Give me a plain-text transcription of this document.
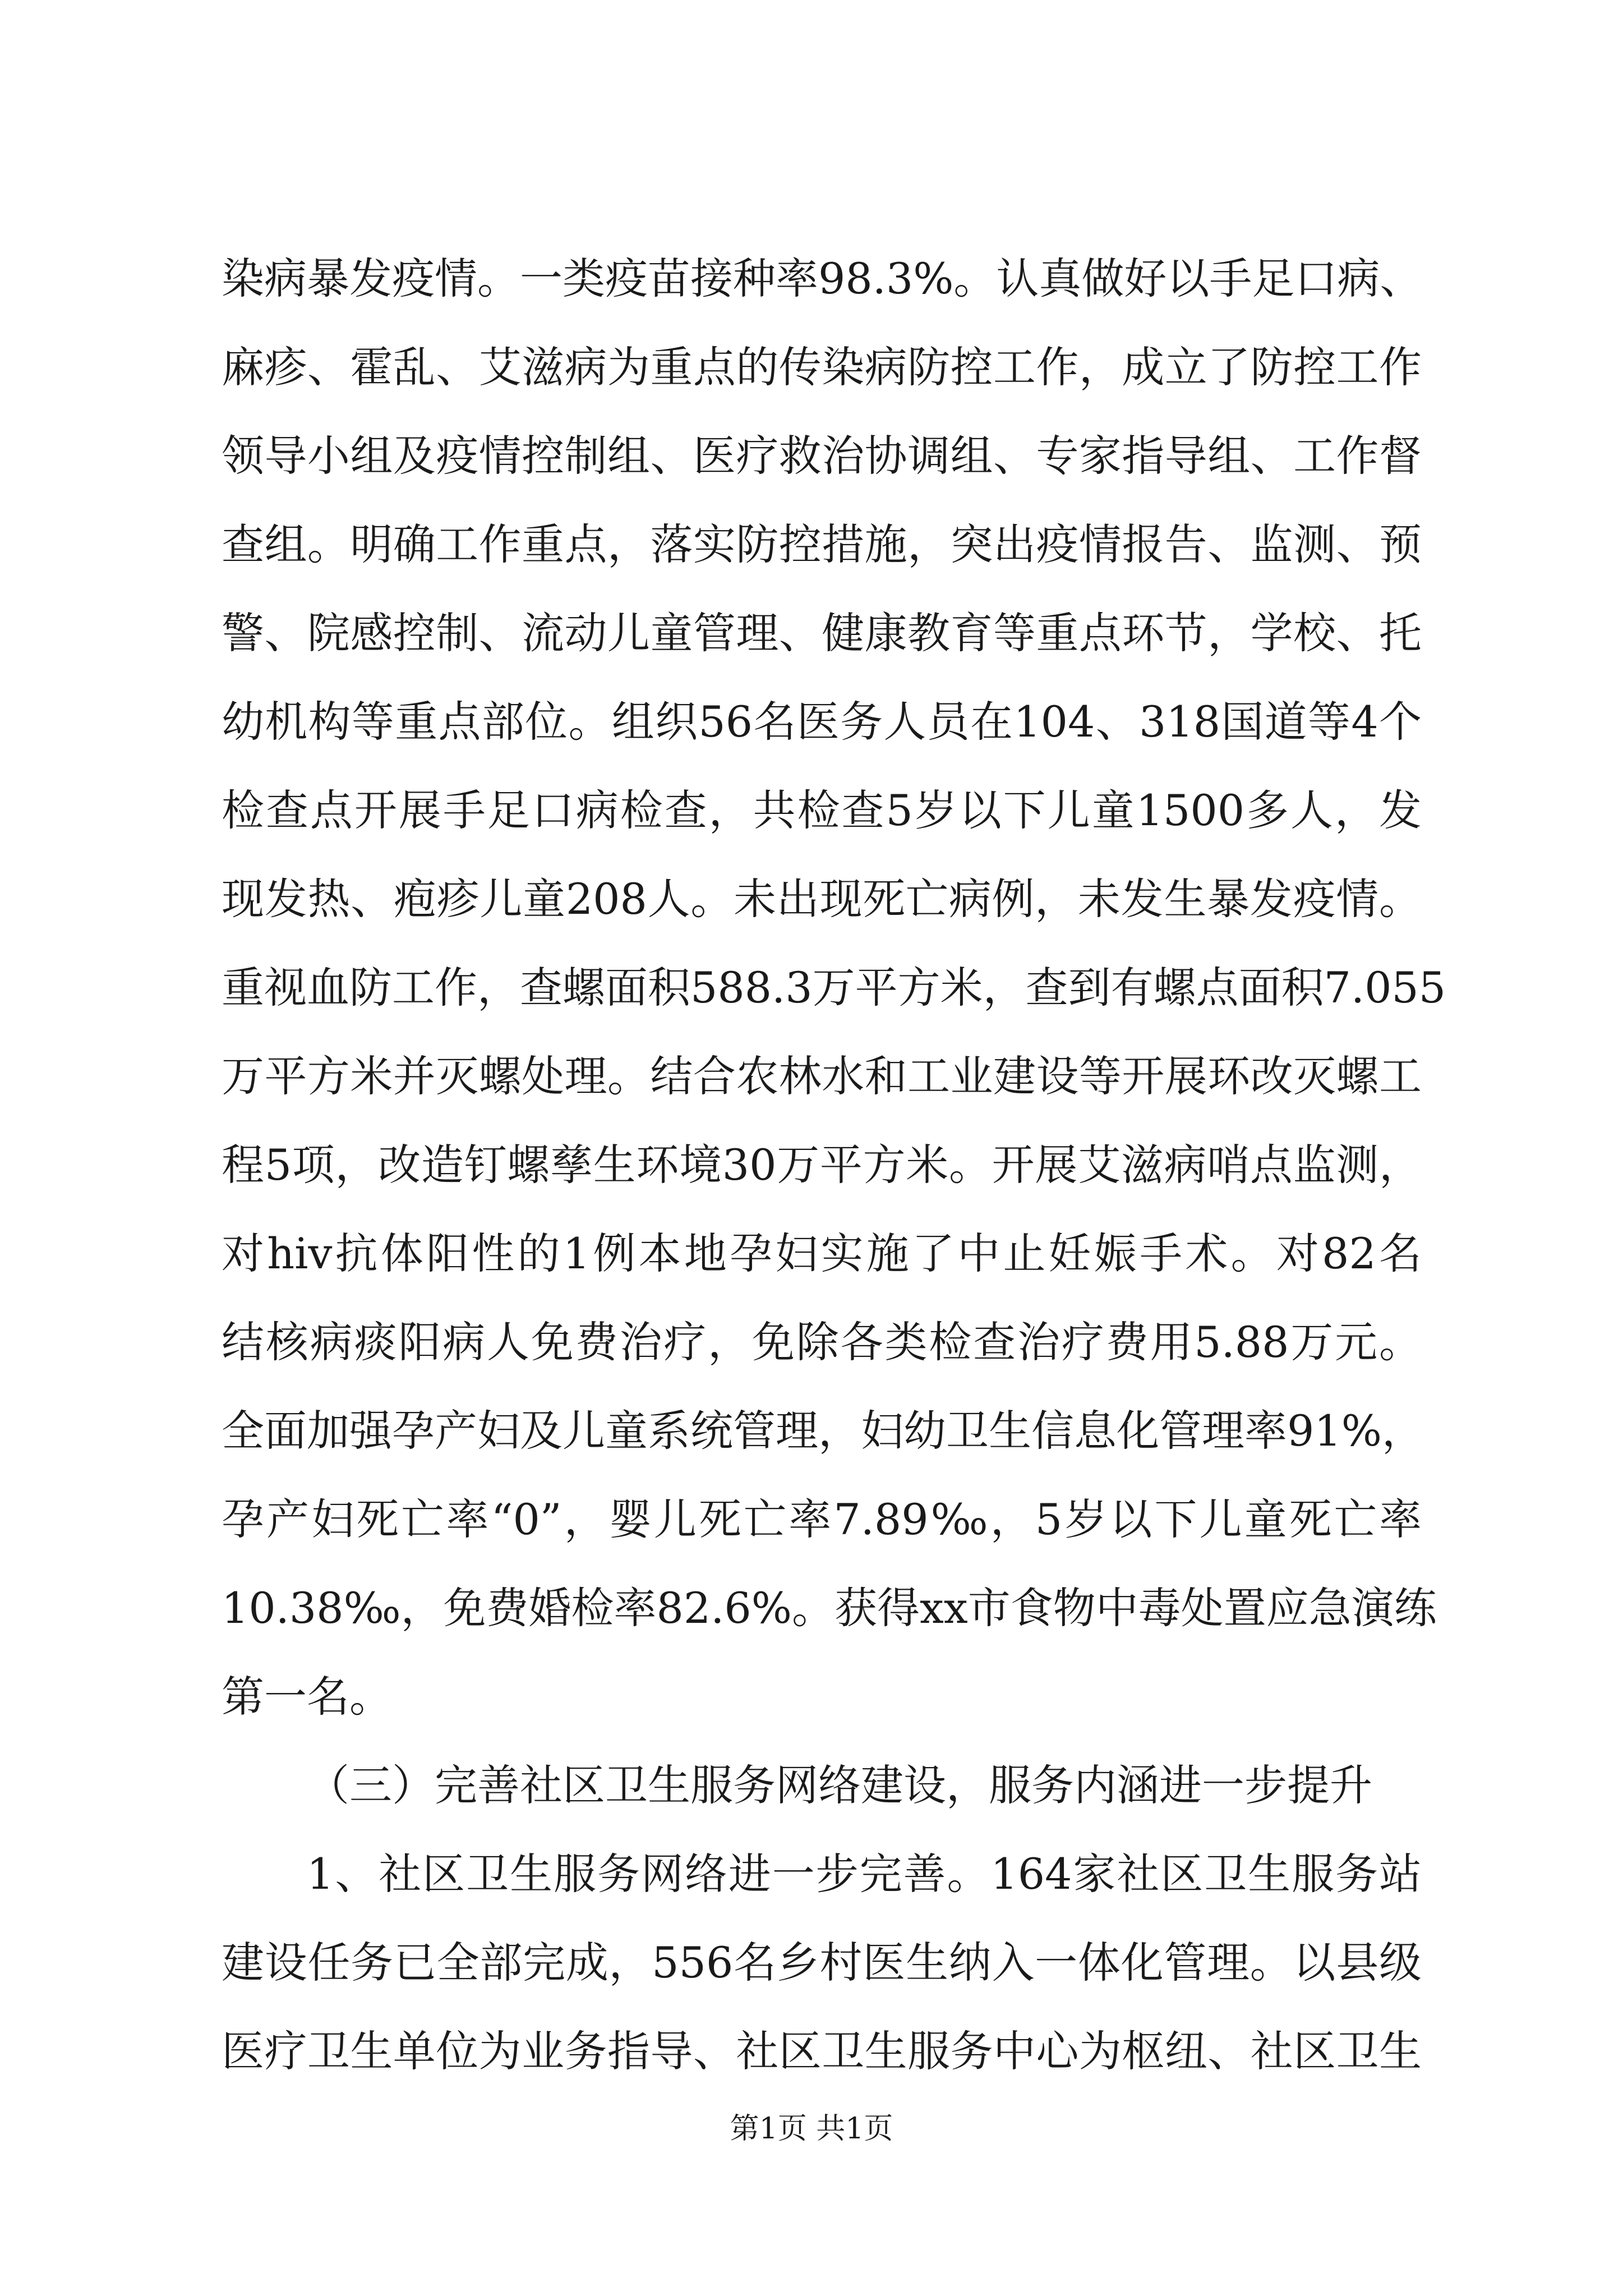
染病暴发疫情。一类疫苗接种率98.3%。认真做好以手足口病、
麻疹、霍乱、艾滋病为重点的传染病防控工作，成立了防控工作
领导小组及疫情控制组、医疗救治协调组、专家指导组、工作督
查组。明确工作重点，落实防控措施，突出疫情报告、监测、预
警、院感控制、流动儿童管理、健康教育等重点环节，学校、托
幼机构等重点部位。组织56名医务人员在104、318国道等4个
检查点开展手足口病检查，共检查5岁以下儿童1500多人，发
现发热、疱疹儿童208人。未出现死亡病例，未发生暴发疫情。
重视血防工作，查螺面积588.3万平方米，查到有螺点面积7.055
万平方米并灭螺处理。结合农林水和工业建设等开展环改灭螺工
程5项，改造钉螺孳生环境30万平方米。开展艾滋病哨点监测，
对hiv抗体阳性的1例本地孕妇实施了中止妊娠手术。对82名
结核病痰阳病人免费治疗，免除各类检查治疗费用5.88万元。
全面加强孕产妇及儿童系统管理，妇幼卫生信息化管理率91%，
孕产妇死亡率“0”，婴儿死亡率7.89‰，5岁以下儿童死亡率
10.38‰，免费婚检率82.6%。获得xx市食物中毒处置应急演练
第一名。
（三）完善社区卫生服务网络建设，服务内涵进一步提升
1、社区卫生服务网络进一步完善。164家社区卫生服务站
建设任务已全部完成，556名乡村医生纳入一体化管理。以县级
医疗卫生单位为业务指导、社区卫生服务中心为枢纽、社区卫生
第1页 共1页
